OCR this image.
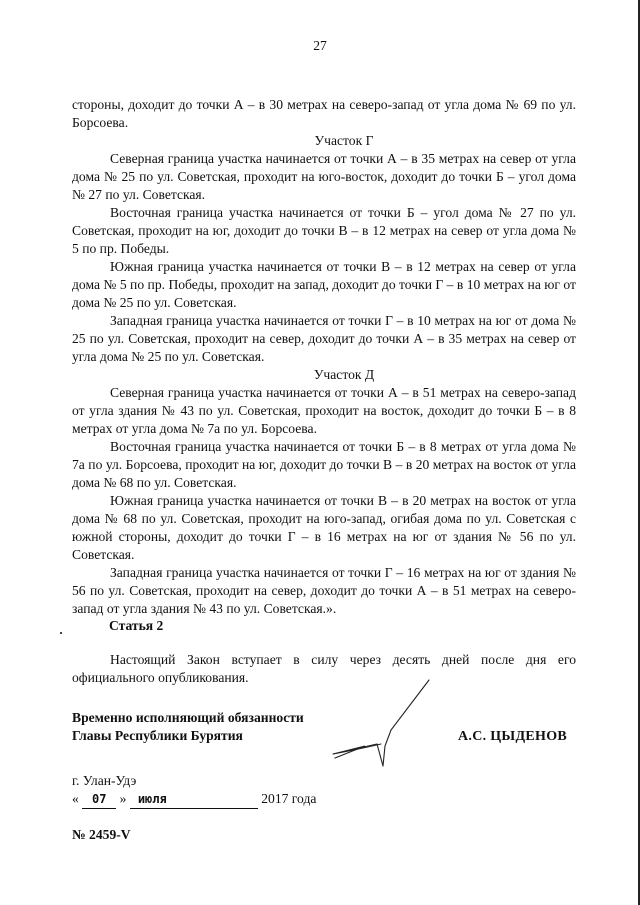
27

стороны, доходит до точки А – в 30 метрах на северо-запад от угла дома № 69 по ул. Борсоева.

Участок Г

Северная граница участка начинается от точки А – в 35 метрах на север от угла дома № 25 по ул. Советская, проходит на юго-восток, доходит до точки Б – угол дома № 27 по ул. Советская.

Восточная граница участка начинается от точки Б – угол дома № 27 по ул. Советская, проходит на юг, доходит до точки В – в 12 метрах на север от угла дома № 5 по пр. Победы.

Южная граница участка начинается от точки В – в 12 метрах на север от угла дома № 5 по пр. Победы, проходит на запад, доходит до точки Г – в 10 метрах на юг от дома № 25 по ул. Советская.

Западная граница участка начинается от точки Г – в 10 метрах на юг от дома № 25 по ул. Советская, проходит на север, доходит до точки А – в 35 метрах на север от угла дома № 25 по ул. Советская.

Участок Д

Северная граница участка начинается от точки А – в 51 метрах на северо-запад от угла здания № 43 по ул. Советская, проходит на восток, доходит до точки Б – в 8 метрах от угла дома № 7а по ул. Борсоева.

Восточная граница участка начинается от точки Б – в 8 метрах от угла дома № 7а по ул. Борсоева, проходит на юг, доходит до точки В – в 20 метрах на восток от угла дома № 68 по ул. Советская.

Южная граница участка начинается от точки В – в 20 метрах на восток от угла дома № 68 по ул. Советская, проходит на юго-запад, огибая дома по ул. Советская с южной стороны, доходит до точки Г – в 16 метрах на юг от здания № 56 по ул. Советская.

Западная граница участка начинается от точки Г – 16 метрах на юг от здания № 56 по ул. Советская, проходит на север, доходит до точки А – в 51 метрах на северо-запад от угла здания № 43 по ул. Советская.».

Статья 2

Настоящий Закон вступает в силу через десять дней после дня его официального опубликования.

Временно исполняющий обязанности
Главы Республики Бурятия	А.С. ЦЫДЕНОВ
г. Улан-Удэ
« 07 » июля	2017 года
№ 2459-V
